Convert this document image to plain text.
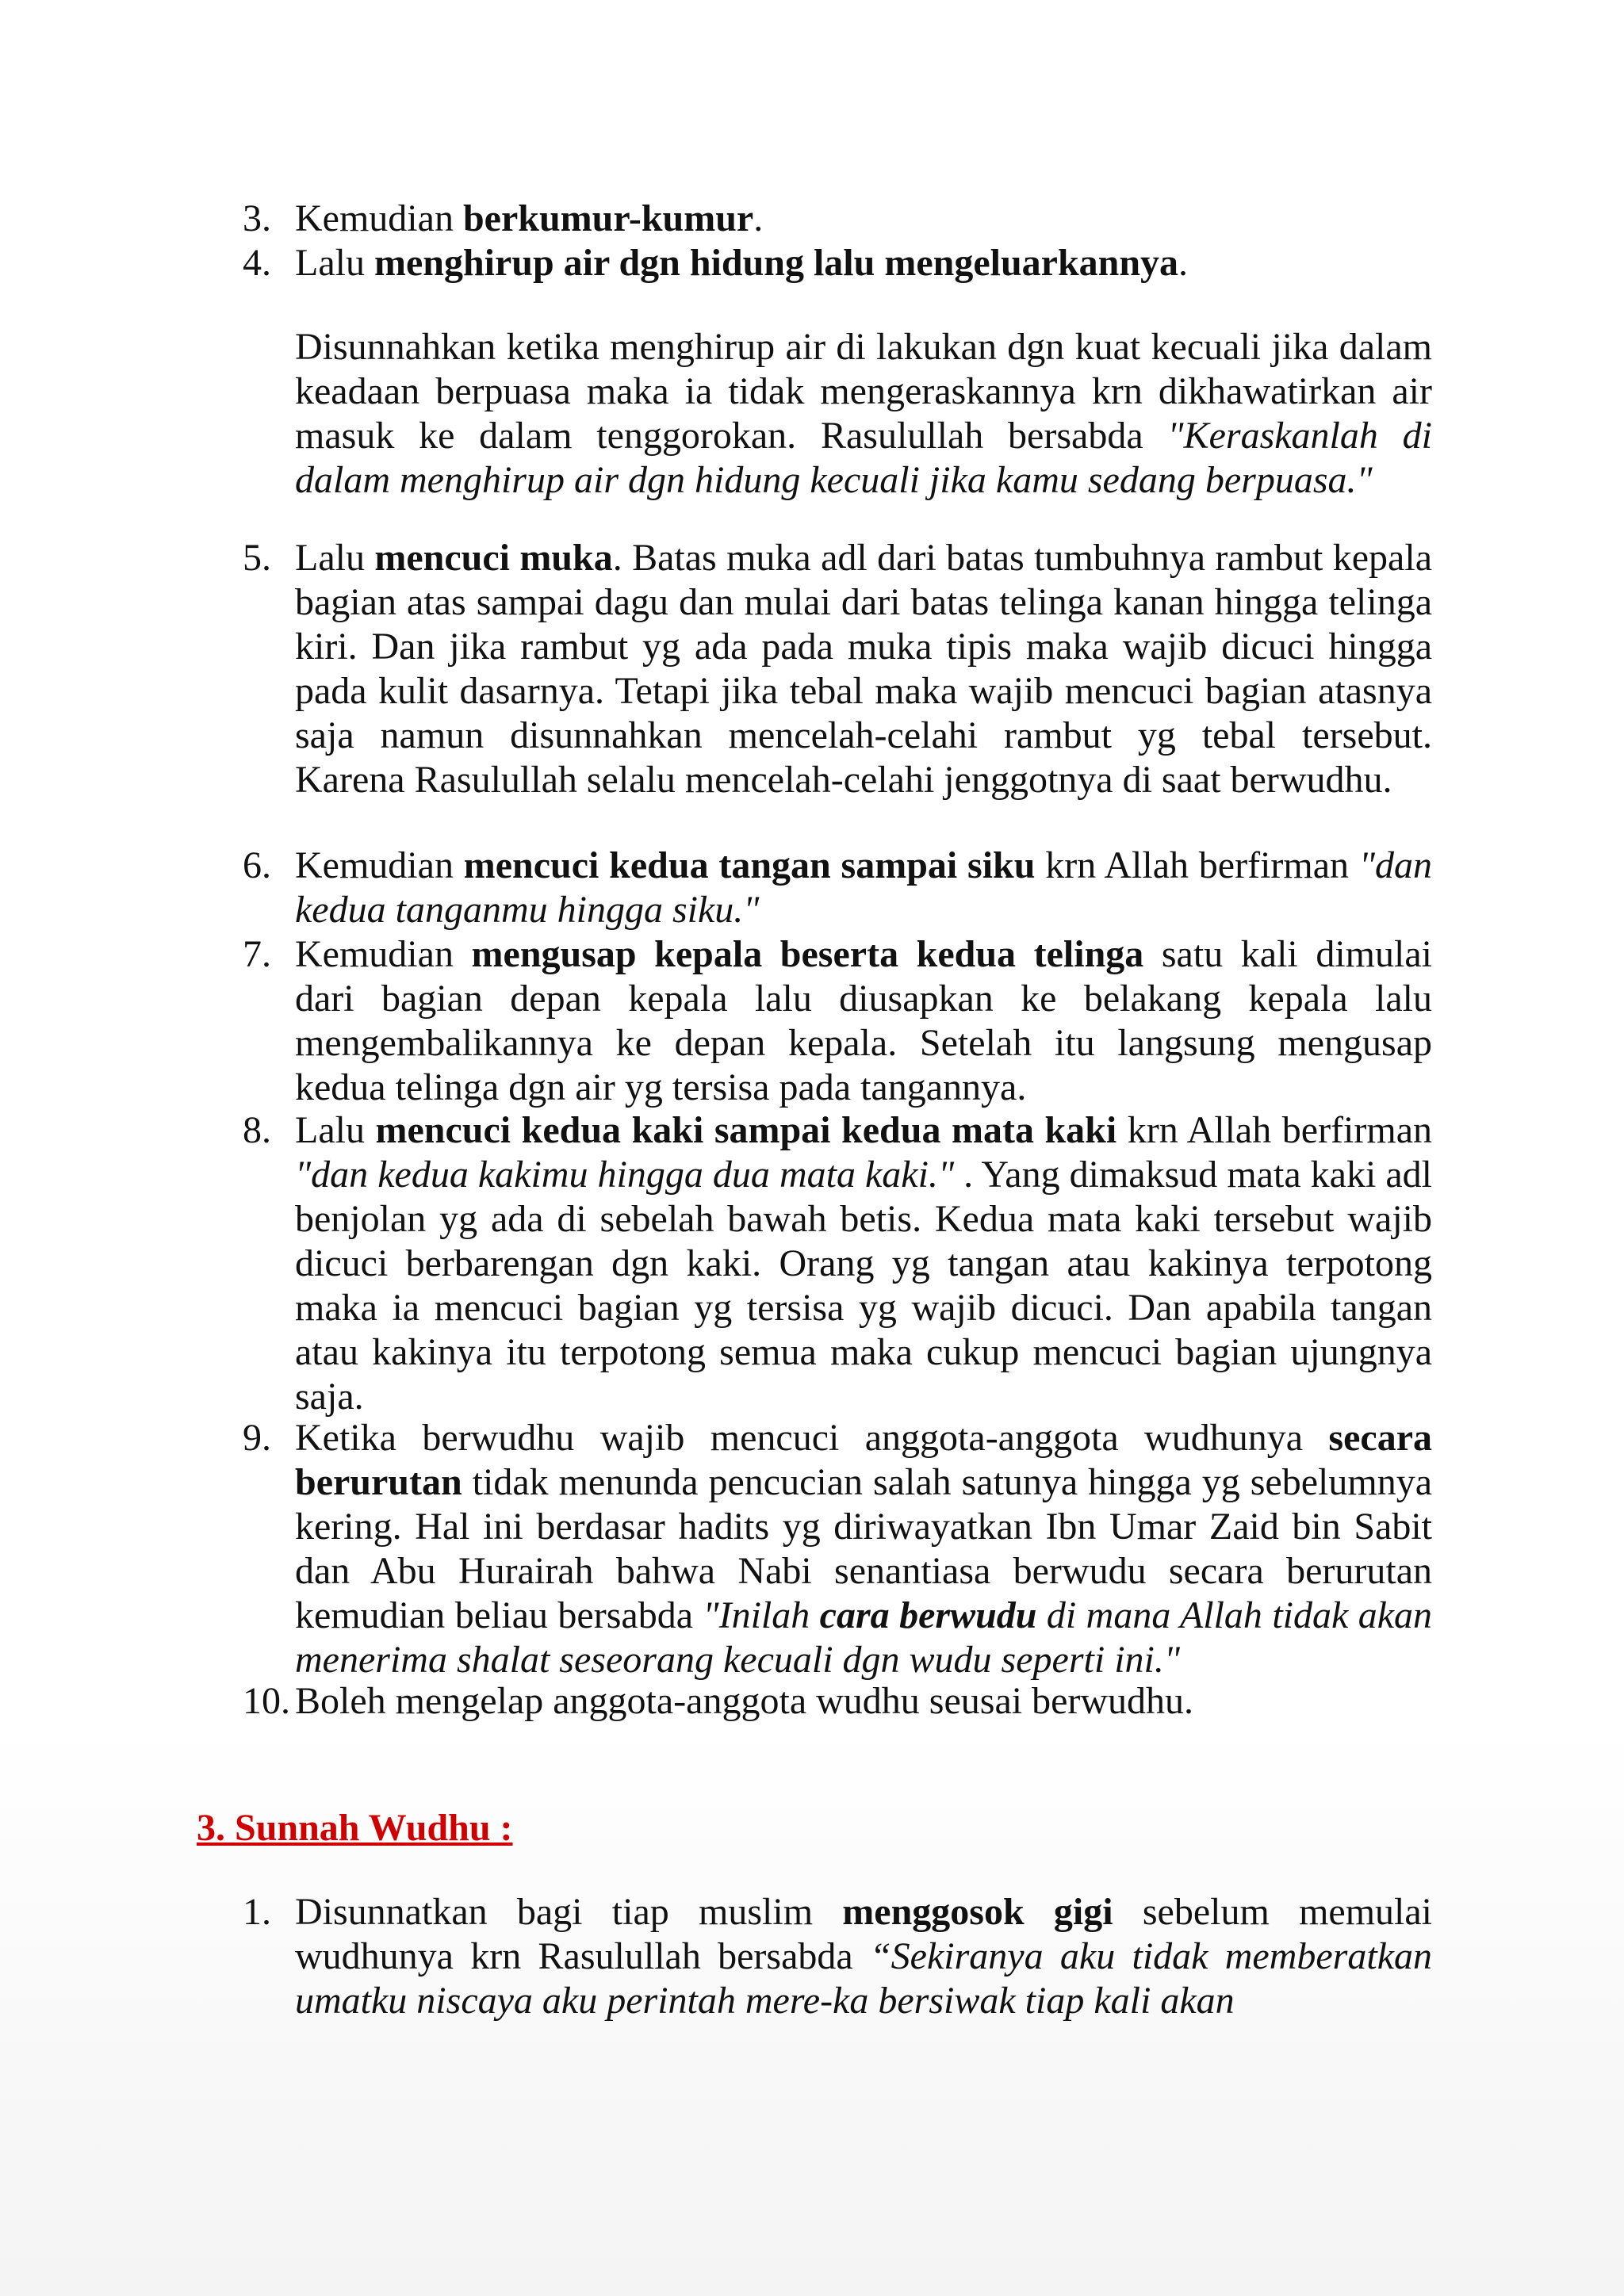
3. Kemudian berkumur-kumur.
4. Lalu menghirup air dgn hidung lalu mengeluarkannya.
Disunnahkan ketika menghirup air di lakukan dgn kuat kecuali jika dalam keadaan berpuasa maka ia tidak mengeraskannya krn dikhawatirkan air masuk ke dalam tenggorokan. Rasulullah bersabda "Keraskanlah di dalam menghirup air dgn hidung kecuali jika kamu sedang berpuasa."
5. Lalu mencuci muka. Batas muka adl dari batas tumbuhnya rambut kepala bagian atas sampai dagu dan mulai dari batas telinga kanan hingga telinga kiri. Dan jika rambut yg ada pada muka tipis maka wajib dicuci hingga pada kulit dasarnya. Tetapi jika tebal maka wajib mencuci bagian atasnya saja namun disunnahkan mencelah-celahi rambut yg tebal tersebut. Karena Rasulullah selalu mencelah-celahi jenggotnya di saat berwudhu.
6. Kemudian mencuci kedua tangan sampai siku krn Allah berfirman "dan kedua tanganmu hingga siku."
7. Kemudian mengusap kepala beserta kedua telinga satu kali dimulai dari bagian depan kepala lalu diusapkan ke belakang kepala lalu mengembalikannya ke depan kepala. Setelah itu langsung mengusap kedua telinga dgn air yg tersisa pada tangannya.
8. Lalu mencuci kedua kaki sampai kedua mata kaki krn Allah berfirman "dan kedua kakimu hingga dua mata kaki." . Yang dimaksud mata kaki adl benjolan yg ada di sebelah bawah betis. Kedua mata kaki tersebut wajib dicuci berbarengan dgn kaki. Orang yg tangan atau kakinya terpotong maka ia mencuci bagian yg tersisa yg wajib dicuci. Dan apabila tangan atau kakinya itu terpotong semua maka cukup mencuci bagian ujungnya saja.
9. Ketika berwudhu wajib mencuci anggota-anggota wudhunya secara berurutan tidak menunda pencucian salah satunya hingga yg sebelumnya kering. Hal ini berdasar hadits yg diriwayatkan Ibn Umar Zaid bin Sabit dan Abu Hurairah bahwa Nabi senantiasa berwudu secara berurutan kemudian beliau bersabda "Inilah cara berwudu di mana Allah tidak akan menerima shalat seseorang kecuali dgn wudu seperti ini."
10. Boleh mengelap anggota-anggota wudhu seusai berwudhu.
3. Sunnah Wudhu :
1. Disunnatkan bagi tiap muslim menggosok gigi sebelum memulai wudhunya krn Rasulullah bersabda “Sekiranya aku tidak memberatkan umatku niscaya aku perintah mere-ka bersiwak tiap kali akan
